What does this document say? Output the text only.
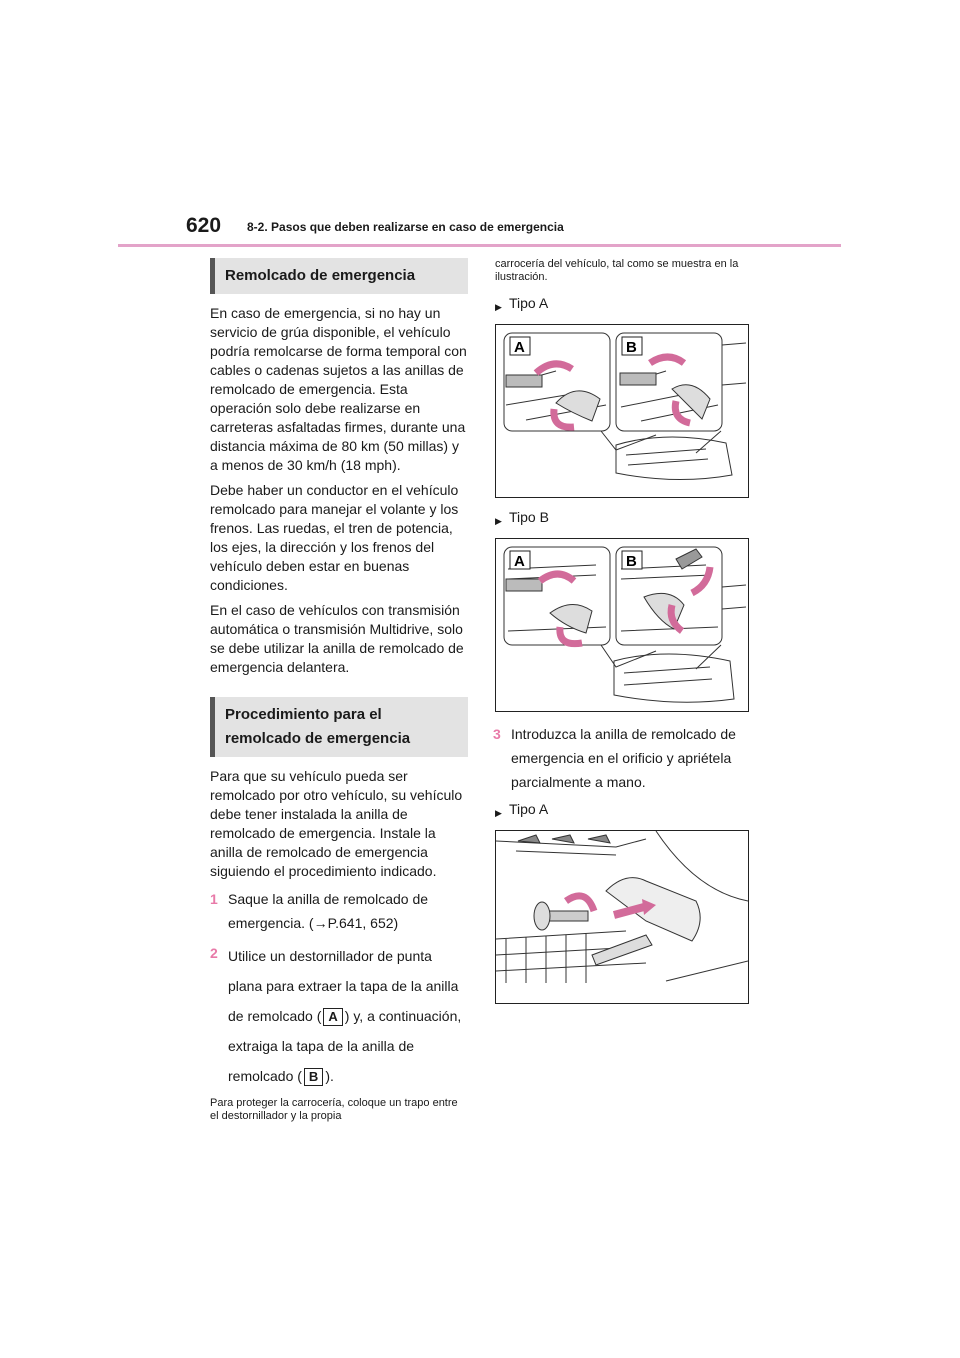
620 8-2. Pasos que deben realizarse en caso de emergencia
Remolcado de emergencia

En caso de emergencia, si no hay un servicio de grúa disponible, el vehículo podría remolcarse de forma temporal con cables o cadenas sujetos a las anillas de remolcado de emergencia. Esta operación solo debe realizarse en carreteras asfaltadas firmes, durante una distancia máxima de 80 km (50 millas) y a menos de 30 km/h (18 mph).

Debe haber un conductor en el vehículo remolcado para manejar el volante y los frenos. Las ruedas, el tren de potencia, los ejes, la dirección y los frenos del vehículo deben estar en buenas condiciones.

En el caso de vehículos con transmisión automática o transmisión Multidrive, solo se debe utilizar la anilla de remolcado de emergencia delantera.

Procedimiento para el remolcado de emergencia

Para que su vehículo pueda ser remolcado por otro vehículo, su vehículo debe tener instalada la anilla de remolcado de emergencia. Instale la anilla de remolcado de emergencia siguiendo el procedimiento indicado.

1 Saque la anilla de remolcado de emergencia. (→P.641, 652)
2 Utilice un destornillador de punta plana para extraer la tapa de la anilla de remolcado ( A ) y, a continuación, extraiga la tapa de la anilla de remolcado ( B ).

Para proteger la carrocería, coloque un trapo entre el destornillador y la propia

carrocería del vehículo, tal como se muestra en la ilustración.

▶ Tipo A

A	B

▶ Tipo B

A	B
3 Introduzca la anilla de remolcado de emergencia en el orificio y apriétela parcialmente a mano.

▶ Tipo A
